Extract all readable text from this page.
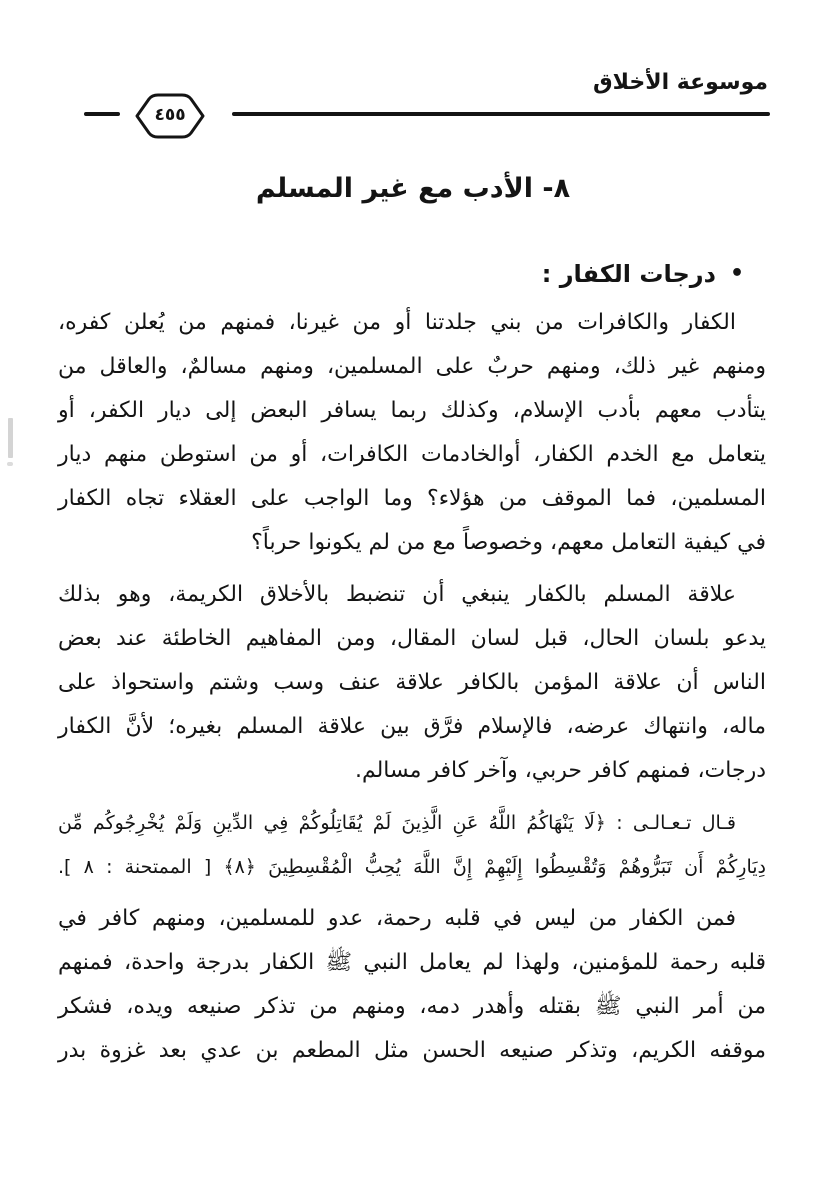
موسوعة الأخلاق
٤٥٥
٨- الأدب مع غير المسلم
•
درجات الكفار :
الكفار والكافرات من بني جلدتنا أو من غيرنا، فمنهم من يُعلن كفره،
ومنهم غير ذلك، ومنهم حربٌ على المسلمين، ومنهم مسالمٌ، والعاقل من
يتأدب معهم بأدب الإسلام، وكذلك ربما يسافر البعض إلى ديار الكفر، أو
يتعامل مع الخدم الكفار، أوالخادمات الكافرات، أو من استوطن منهم ديار
المسلمين، فما الموقف من هؤلاء؟ وما الواجب على العقلاء تجاه الكفار
في كيفية التعامل معهم، وخصوصاً مع من لم يكونوا حرباً؟
علاقة المسلم بالكفار ينبغي أن تنضبط بالأخلاق الكريمة، وهو بذلك
يدعو بلسان الحال، قبل لسان المقال، ومن المفاهيم الخاطئة عند بعض
الناس أن علاقة المؤمن بالكافر علاقة عنف وسب وشتم واستحواذ على
ماله، وانتهاك عرضه، فالإسلام فرَّق بين علاقة المسلم بغيره؛ لأنَّ الكفار
درجات، فمنهم كافر حربي، وآخر كافر مسالم.
قـال تـعـالـى : ﴿لَا يَنْهَاكُمُ اللَّهُ عَنِ الَّذِينَ لَمْ يُقَاتِلُوكُمْ فِي الدِّينِ وَلَمْ يُخْرِجُوكُم مِّن
دِيَارِكُمْ أَن تَبَرُّوهُمْ وَتُقْسِطُوا إِلَيْهِمْ إِنَّ اللَّهَ يُحِبُّ الْمُقْسِطِينَ ﴿٨﴾ [ الممتحنة : ٨ ].
فمن الكفار من ليس في قلبه رحمة، عدو للمسلمين، ومنهم كافر في
قلبه رحمة للمؤمنين، ولهذا لم يعامل النبي ﷺ الكفار بدرجة واحدة، فمنهم
من أمر النبي ﷺ بقتله وأهدر دمه، ومنهم من تذكر صنيعه ويده، فشكر
موقفه الكريم، وتذكر صنيعه الحسن مثل المطعم بن عدي بعد غزوة بدر
